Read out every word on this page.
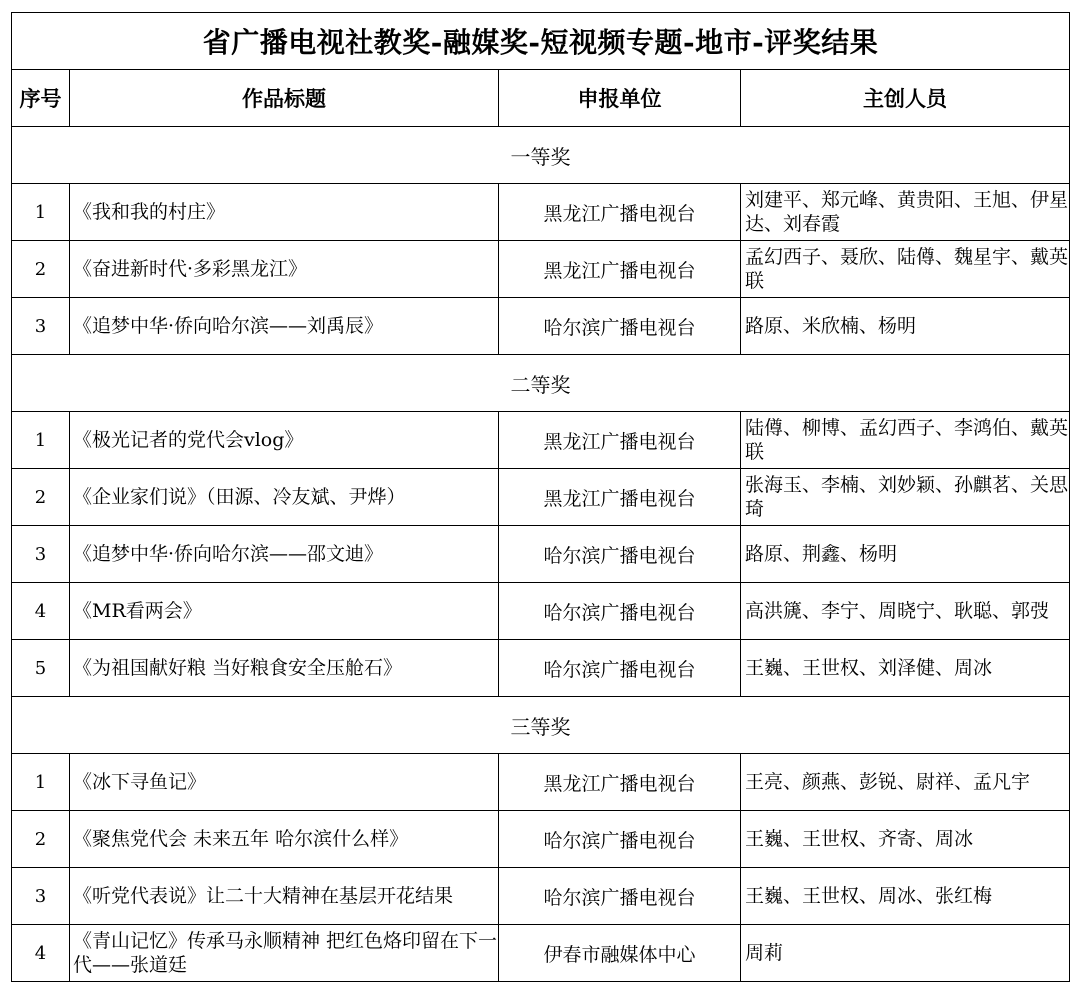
省广播电视社教奖-融媒奖-短视频专题-地市-评奖结果			
序号	作品标题	申报单位	主创人员
一等奖			
1	《我和我的村庄》	黑龙江广播电视台	刘建平、郑元峰、黄贵阳、王旭、伊星达、刘春霞
2	《奋进新时代·多彩黑龙江》	黑龙江广播电视台	孟幻西子、聂欣、陆僔、魏星宇、戴英联
3	《追梦中华·侨向哈尔滨——刘禹辰》	哈尔滨广播电视台	路原、米欣楠、杨明
二等奖			
1	《极光记者的党代会vlog》	黑龙江广播电视台	陆僔、柳博、孟幻西子、李鸿伯、戴英联
2	《企业家们说》（田源、冷友斌、尹烨）	黑龙江广播电视台	张海玉、李楠、刘妙颖、孙麒茗、关思琦
3	《追梦中华·侨向哈尔滨——邵文迪》	哈尔滨广播电视台	路原、荆鑫、杨明
4	《MR看两会》	哈尔滨广播电视台	高洪篪、李宁、周晓宁、耿聪、郭弢
5	《为祖国献好粮 当好粮食安全压舱石》	哈尔滨广播电视台	王巍、王世权、刘泽健、周冰
三等奖			
1	《冰下寻鱼记》	黑龙江广播电视台	王亮、颜燕、彭锐、尉祥、孟凡宇
2	《聚焦党代会 未来五年 哈尔滨什么样》	哈尔滨广播电视台	王巍、王世权、齐寄、周冰
3	《听党代表说》让二十大精神在基层开花结果	哈尔滨广播电视台	王巍、王世权、周冰、张红梅
4	《青山记忆》传承马永顺精神 把红色烙印留在下一代——张道廷	伊春市融媒体中心	周莉
